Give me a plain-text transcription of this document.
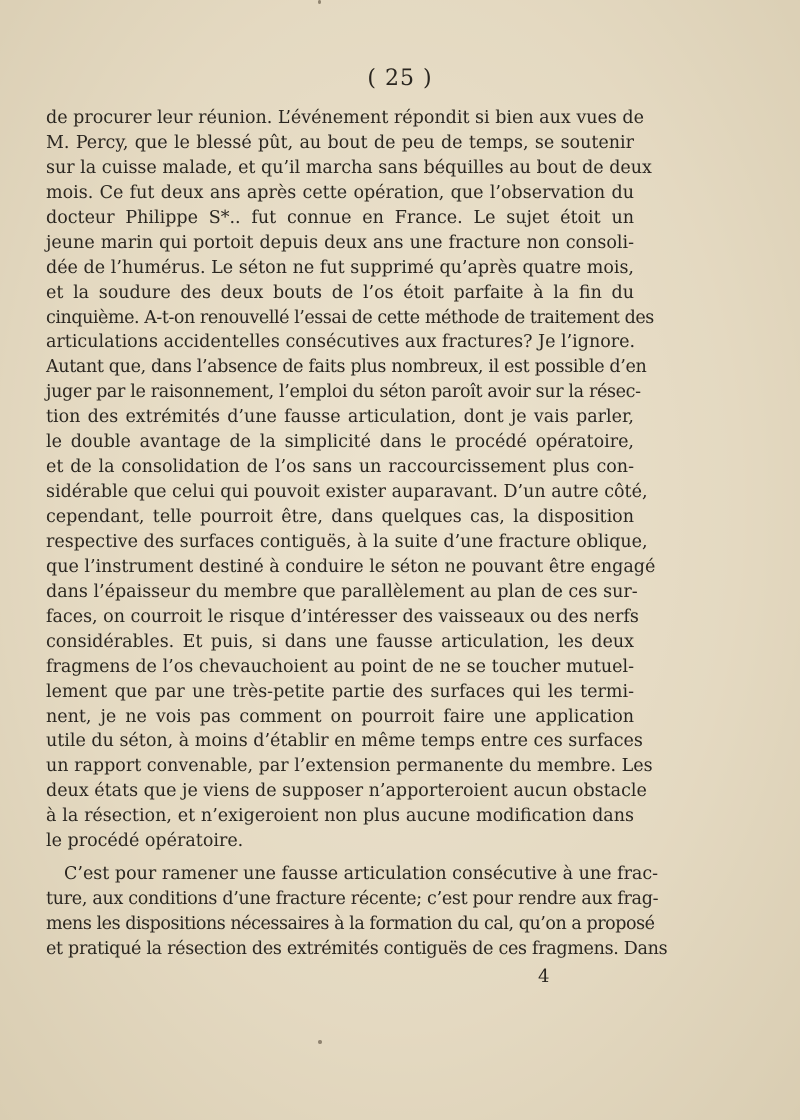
( 25 )
de procurer leur réunion. L’événement répondit si bien aux vues de
M. Percy, que le blessé pût, au bout de peu de temps, se soutenir
sur la cuisse malade, et qu’il marcha sans béquilles au bout de deux
mois. Ce fut deux ans après cette opération, que l’observation du
docteur Philippe S*.. fut connue en France. Le sujet étoit un
jeune marin qui portoit depuis deux ans une fracture non consoli-
dée de l’humérus. Le séton ne fut supprimé qu’après quatre mois,
et la soudure des deux bouts de l’os étoit parfaite à la fin du
cinquième. A-t-on renouvellé l’essai de cette méthode de traitement des
articulations accidentelles consécutives aux fractures? Je l’ignore.
Autant que, dans l’absence de faits plus nombreux, il est possible d’en
juger par le raisonnement, l’emploi du séton paroît avoir sur la résec-
tion des extrémités d’une fausse articulation, dont je vais parler,
le double avantage de la simplicité dans le procédé opératoire,
et de la consolidation de l’os sans un raccourcissement plus con-
sidérable que celui qui pouvoit exister auparavant. D’un autre côté,
cependant, telle pourroit être, dans quelques cas, la disposition
respective des surfaces contiguës, à la suite d’une fracture oblique,
que l’instrument destiné à conduire le séton ne pouvant être engagé
dans l’épaisseur du membre que parallèlement au plan de ces sur-
faces, on courroit le risque d’intéresser des vaisseaux ou des nerfs
considérables. Et puis, si dans une fausse articulation, les deux
fragmens de l’os chevauchoient au point de ne se toucher mutuel-
lement que par une très-petite partie des surfaces qui les termi-
nent, je ne vois pas comment on pourroit faire une application
utile du séton, à moins d’établir en même temps entre ces surfaces
un rapport convenable, par l’extension permanente du membre. Les
deux états que je viens de supposer n’apporteroient aucun obstacle
à la résection, et n’exigeroient non plus aucune modification dans
le procédé opératoire.
C’est pour ramener une fausse articulation consécutive à une frac-
ture, aux conditions d’une fracture récente; c’est pour rendre aux frag-
mens les dispositions nécessaires à la formation du cal, qu’on a proposé
et pratiqué la résection des extrémités contiguës de ces fragmens. Dans
4
